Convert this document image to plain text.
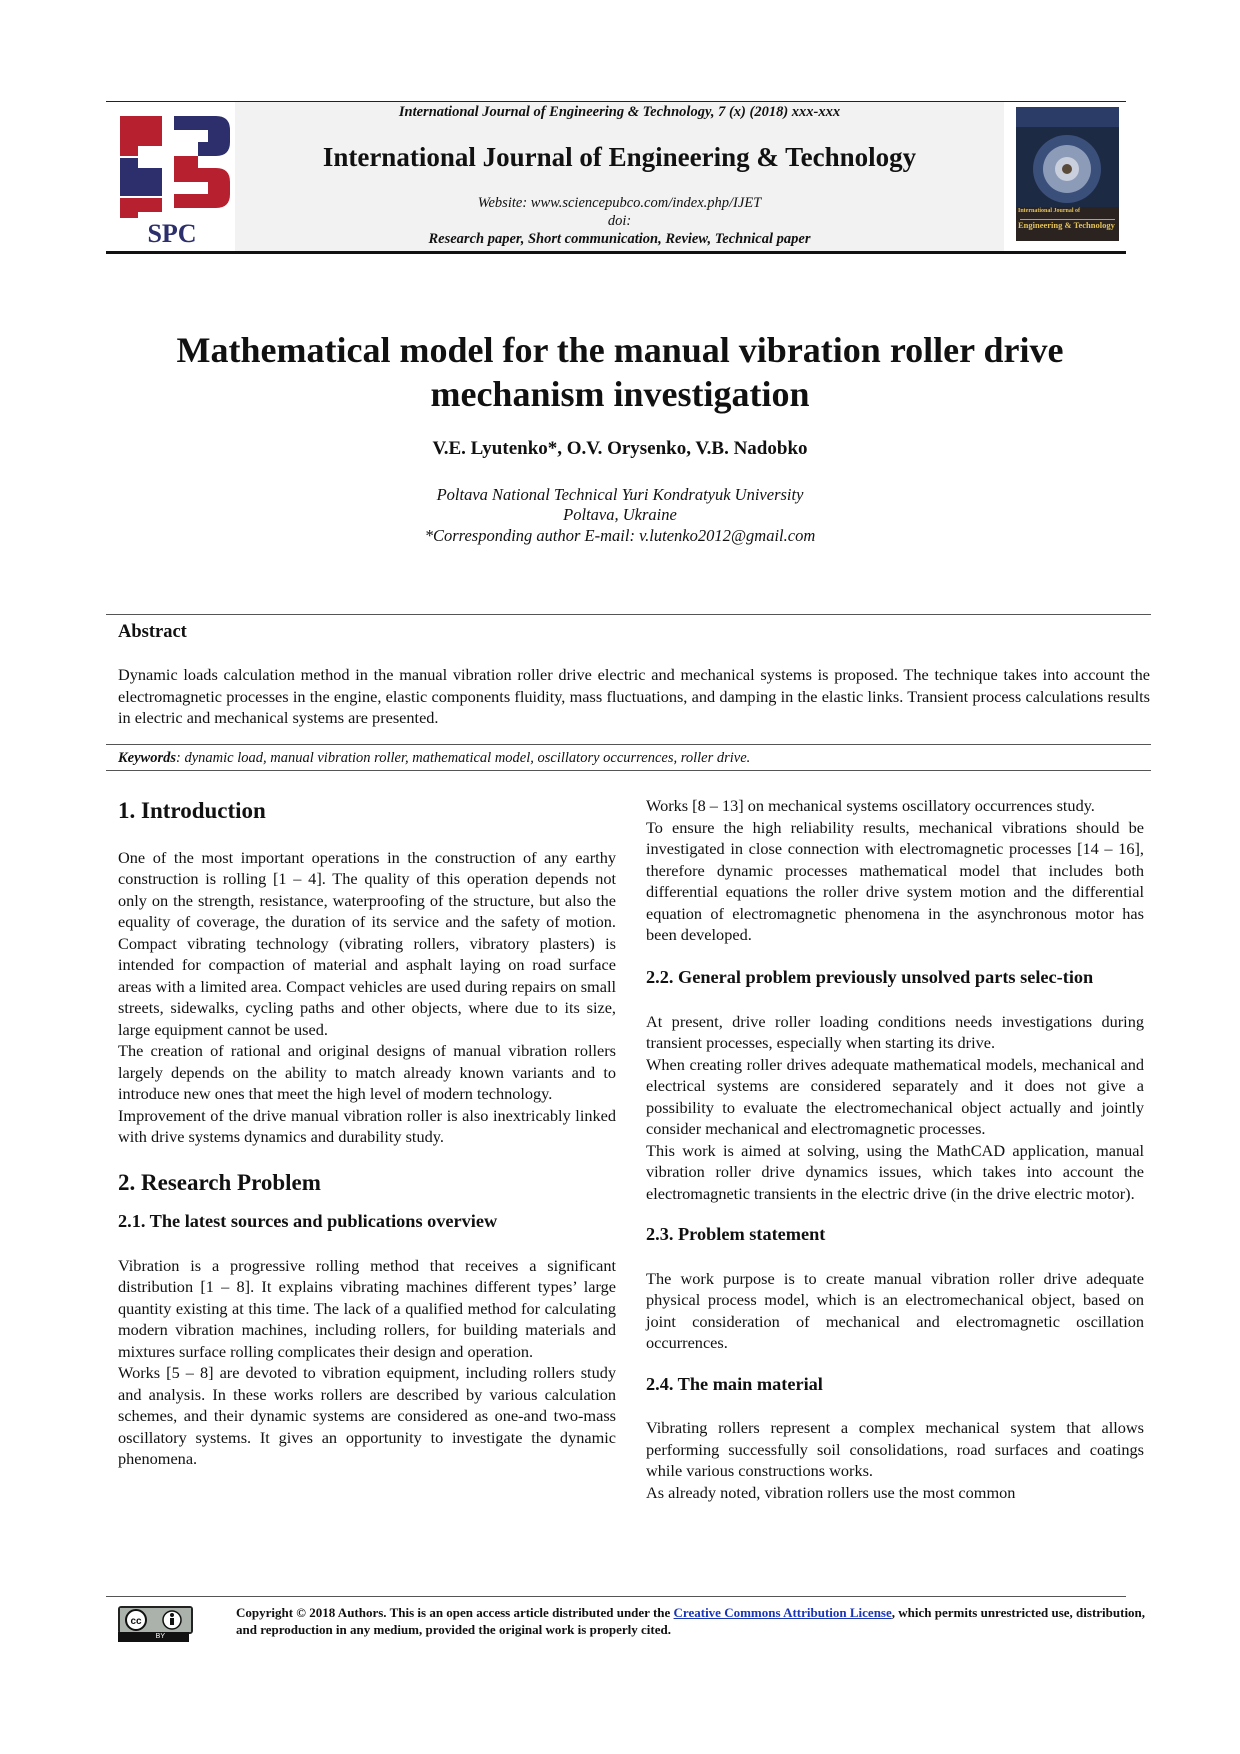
SPC
International Journal of
Engineering & Technology
International Journal of Engineering & Technology, 7 (x) (2018) xxx-xxx
International Journal of Engineering & Technology
Website: www.sciencepubco.com/index.php/IJET
doi:
Research paper, Short communication, Review, Technical paper
Mathematical model for the manual vibration roller drive
mechanism investigation
V.E. Lyutenko*, O.V. Orysenko, V.B. Nadobko
Poltava National Technical Yuri Kondratyuk University
Poltava, Ukraine
*Corresponding author E-mail: v.lutenko2012@gmail.com
Abstract
Dynamic loads calculation method in the manual vibration roller drive electric and mechanical systems is proposed. The technique takes into account the electromagnetic processes in the engine, elastic components fluidity, mass fluctuations, and damping in the elastic links. Transient process calculations results in electric and mechanical systems are presented.
Keywords: dynamic load, manual vibration roller, mathematical model, oscillatory occurrences, roller drive.
1. Introduction

One of the most important operations in the construction of any earthy construction is rolling [1 – 4]. The quality of this operation depends not only on the strength, resistance, waterproofing of the structure, but also the equality of coverage, the duration of its service and the safety of motion. Compact vibrating technology (vibrating rollers, vibratory plasters) is intended for compaction of material and asphalt laying on road surface areas with a limited area. Compact vehicles are used during repairs on small streets, sidewalks, cycling paths and other objects, where due to its size, large equipment cannot be used.

The creation of rational and original designs of manual vibration rollers largely depends on the ability to match already known variants and to introduce new ones that meet the high level of modern technology.

Improvement of the drive manual vibration roller is also inextricably linked with drive systems dynamics and durability study.

2. Research Problem
2.1. The latest sources and publications overview

Vibration is a progressive rolling method that receives a significant distribution [1 – 8]. It explains vibrating machines different types’ large quantity existing at this time. The lack of a qualified method for calculating modern vibration machines, including rollers, for building materials and mixtures surface rolling complicates their design and operation.

Works [5 – 8] are devoted to vibration equipment, including rollers study and analysis. In these works rollers are described by various calculation schemes, and their dynamic systems are considered as one-and two-mass oscillatory systems. It gives an opportunity to investigate the dynamic phenomena.

Works [8 – 13] on mechanical systems oscillatory occurrences study.

To ensure the high reliability results, mechanical vibrations should be investigated in close connection with electromagnetic processes [14 – 16], therefore dynamic processes mathematical model that includes both differential equations the roller drive system motion and the differential equation of electromagnetic phenomena in the asynchronous motor has been developed.

2.2. General problem previously unsolved parts selec-tion

At present, drive roller loading conditions needs investigations during transient processes, especially when starting its drive.

When creating roller drives adequate mathematical models, mechanical and electrical systems are considered separately and it does not give a possibility to evaluate the electromechanical object actually and jointly consider mechanical and electromagnetic processes.

This work is aimed at solving, using the MathCAD application, manual vibration roller drive dynamics issues, which takes into account the electromagnetic transients in the electric drive (in the drive electric motor).

2.3. Problem statement

The work purpose is to create manual vibration roller drive adequate physical process model, which is an electromechanical object, based on joint consideration of mechanical and electromagnetic oscillation occurrences.

2.4. The main material

Vibrating rollers represent a complex mechanical system that allows performing successfully soil consolidations, road surfaces and coatings while various constructions works.

As already noted, vibration rollers use the most common

cc
BY
Copyright © 2018 Authors. This is an open access article distributed under the Creative Commons Attribution License, which permits unrestricted use, distribution, and reproduction in any medium, provided the original work is properly cited.
